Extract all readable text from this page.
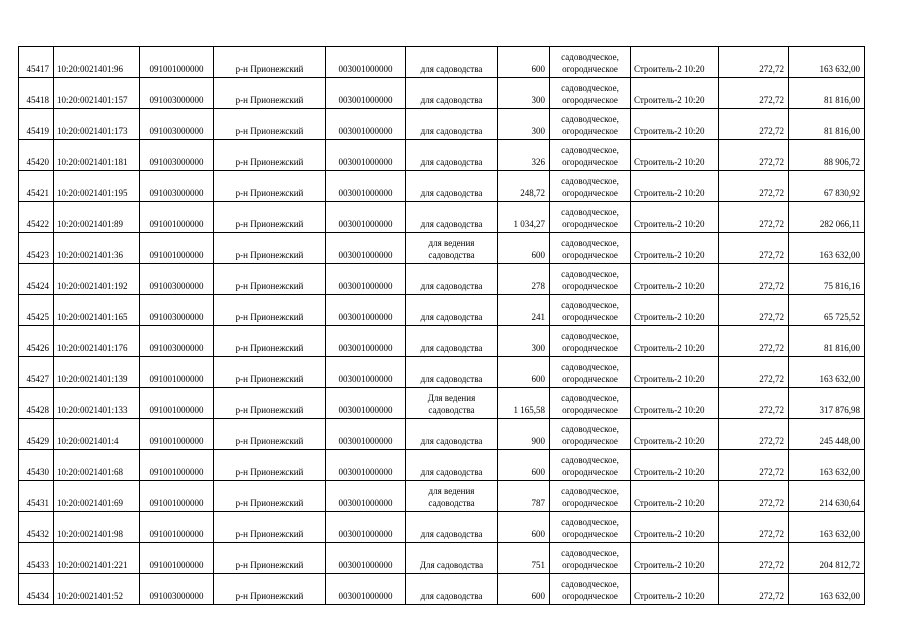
45417	10:20:0021401:96	091001000000	р-н Прионежский	003001000000	для садоводства	600	садоводческое, огороднческое	Строитель-2 10:20	272,72	163 632,00
45418	10:20:0021401:157	091003000000	р-н Прионежский	003001000000	для садоводства	300	садоводческое, огороднческое	Строитель-2 10:20	272,72	81 816,00
45419	10:20:0021401:173	091003000000	р-н Прионежский	003001000000	для садоводства	300	садоводческое, огороднческое	Строитель-2 10:20	272,72	81 816,00
45420	10:20:0021401:181	091003000000	р-н Прионежский	003001000000	для садоводства	326	садоводческое, огороднческое	Строитель-2 10:20	272,72	88 906,72
45421	10:20:0021401:195	091003000000	р-н Прионежский	003001000000	для садоводства	248,72	садоводческое, огороднческое	Строитель-2 10:20	272,72	67 830,92
45422	10:20:0021401:89	091001000000	р-н Прионежский	003001000000	для садоводства	1 034,27	садоводческое, огороднческое	Строитель-2 10:20	272,72	282 066,11
45423	10:20:0021401:36	091001000000	р-н Прионежский	003001000000	для ведения садоводства	600	садоводческое, огороднческое	Строитель-2 10:20	272,72	163 632,00
45424	10:20:0021401:192	091003000000	р-н Прионежский	003001000000	для садоводства	278	садоводческое, огороднческое	Строитель-2 10:20	272,72	75 816,16
45425	10:20:0021401:165	091003000000	р-н Прионежский	003001000000	для садоводства	241	садоводческое, огороднческое	Строитель-2 10:20	272,72	65 725,52
45426	10:20:0021401:176	091003000000	р-н Прионежский	003001000000	для садоводства	300	садоводческое, огороднческое	Строитель-2 10:20	272,72	81 816,00
45427	10:20:0021401:139	091001000000	р-н Прионежский	003001000000	для садоводства	600	садоводческое, огороднческое	Строитель-2 10:20	272,72	163 632,00
45428	10:20:0021401:133	091001000000	р-н Прионежский	003001000000	Для ведения садоводства	1 165,58	садоводческое, огороднческое	Строитель-2 10:20	272,72	317 876,98
45429	10:20:0021401:4	091001000000	р-н Прионежский	003001000000	для садоводства	900	садоводческое, огороднческое	Строитель-2 10:20	272,72	245 448,00
45430	10:20:0021401:68	091001000000	р-н Прионежский	003001000000	для садоводства	600	садоводческое, огороднческое	Строитель-2 10:20	272,72	163 632,00
45431	10:20:0021401:69	091001000000	р-н Прионежский	003001000000	для ведения садоводства	787	садоводческое, огороднческое	Строитель-2 10:20	272,72	214 630,64
45432	10:20:0021401:98	091001000000	р-н Прионежский	003001000000	для садоводства	600	садоводческое, огороднческое	Строитель-2 10:20	272,72	163 632,00
45433	10:20:0021401:221	091001000000	р-н Прионежский	003001000000	Для садоводства	751	садоводческое, огороднческое	Строитель-2 10:20	272,72	204 812,72
45434	10:20:0021401:52	091003000000	р-н Прионежский	003001000000	для садоводства	600	садоводческое, огороднческое	Строитель-2 10:20	272,72	163 632,00
